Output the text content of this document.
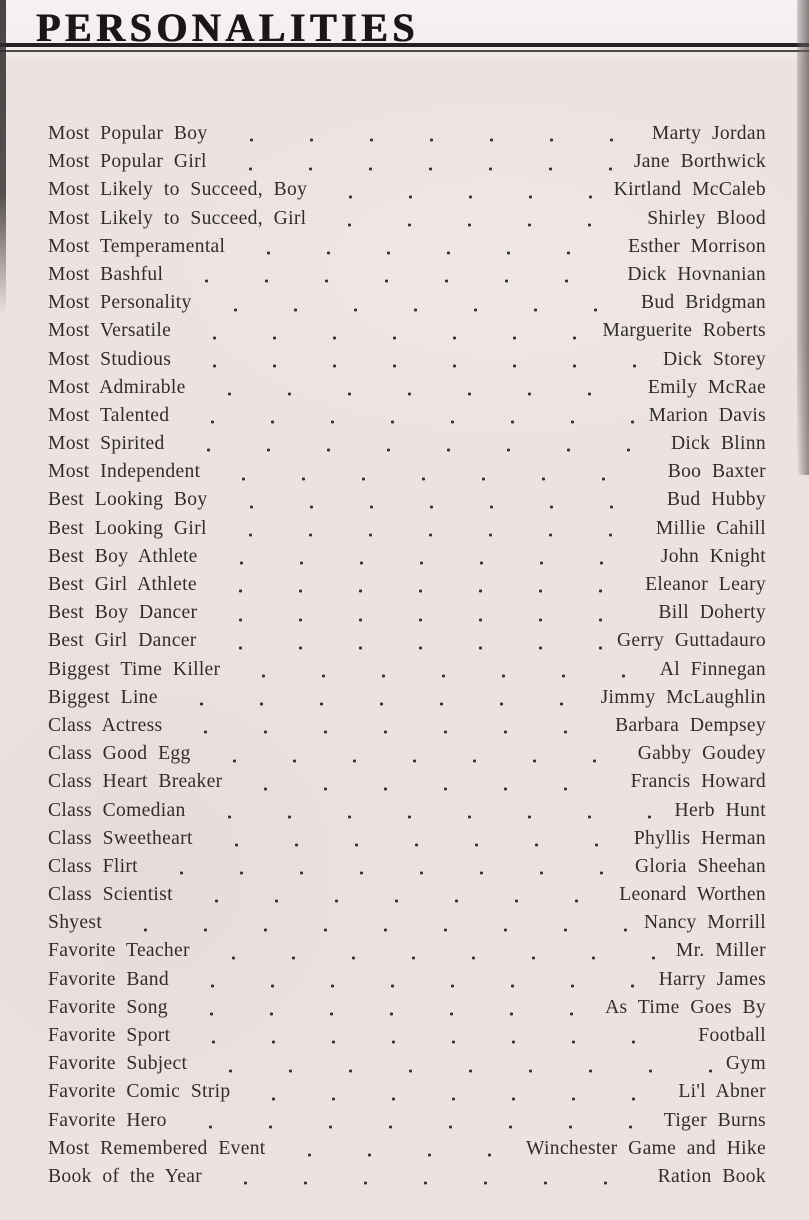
PERSONALITIES
Most Popular Boy	Marty Jordan
Most Popular Girl	Jane Borthwick
Most Likely to Succeed, Boy	Kirtland McCaleb
Most Likely to Succeed, Girl	Shirley Blood
Most Temperamental	Esther Morrison
Most Bashful	Dick Hovnanian
Most Personality	Bud Bridgman
Most Versatile	Marguerite Roberts
Most Studious	Dick Storey
Most Admirable	Emily McRae
Most Talented	Marion Davis
Most Spirited	Dick Blinn
Most Independent	Boo Baxter
Best Looking Boy	Bud Hubby
Best Looking Girl	Millie Cahill
Best Boy Athlete	John Knight
Best Girl Athlete	Eleanor Leary
Best Boy Dancer	Bill Doherty
Best Girl Dancer	Gerry Guttadauro
Biggest Time Killer	Al Finnegan
Biggest Line	Jimmy McLaughlin
Class Actress	Barbara Dempsey
Class Good Egg	Gabby Goudey
Class Heart Breaker	Francis Howard
Class Comedian	Herb Hunt
Class Sweetheart	Phyllis Herman
Class Flirt	Gloria Sheehan
Class Scientist	Leonard Worthen
Shyest	Nancy Morrill
Favorite Teacher	Mr. Miller
Favorite Band	Harry James
Favorite Song	As Time Goes By
Favorite Sport	Football
Favorite Subject	Gym
Favorite Comic Strip	Li'l Abner
Favorite Hero	Tiger Burns
Most Remembered Event	Winchester Game and Hike
Book of the Year	Ration Book
